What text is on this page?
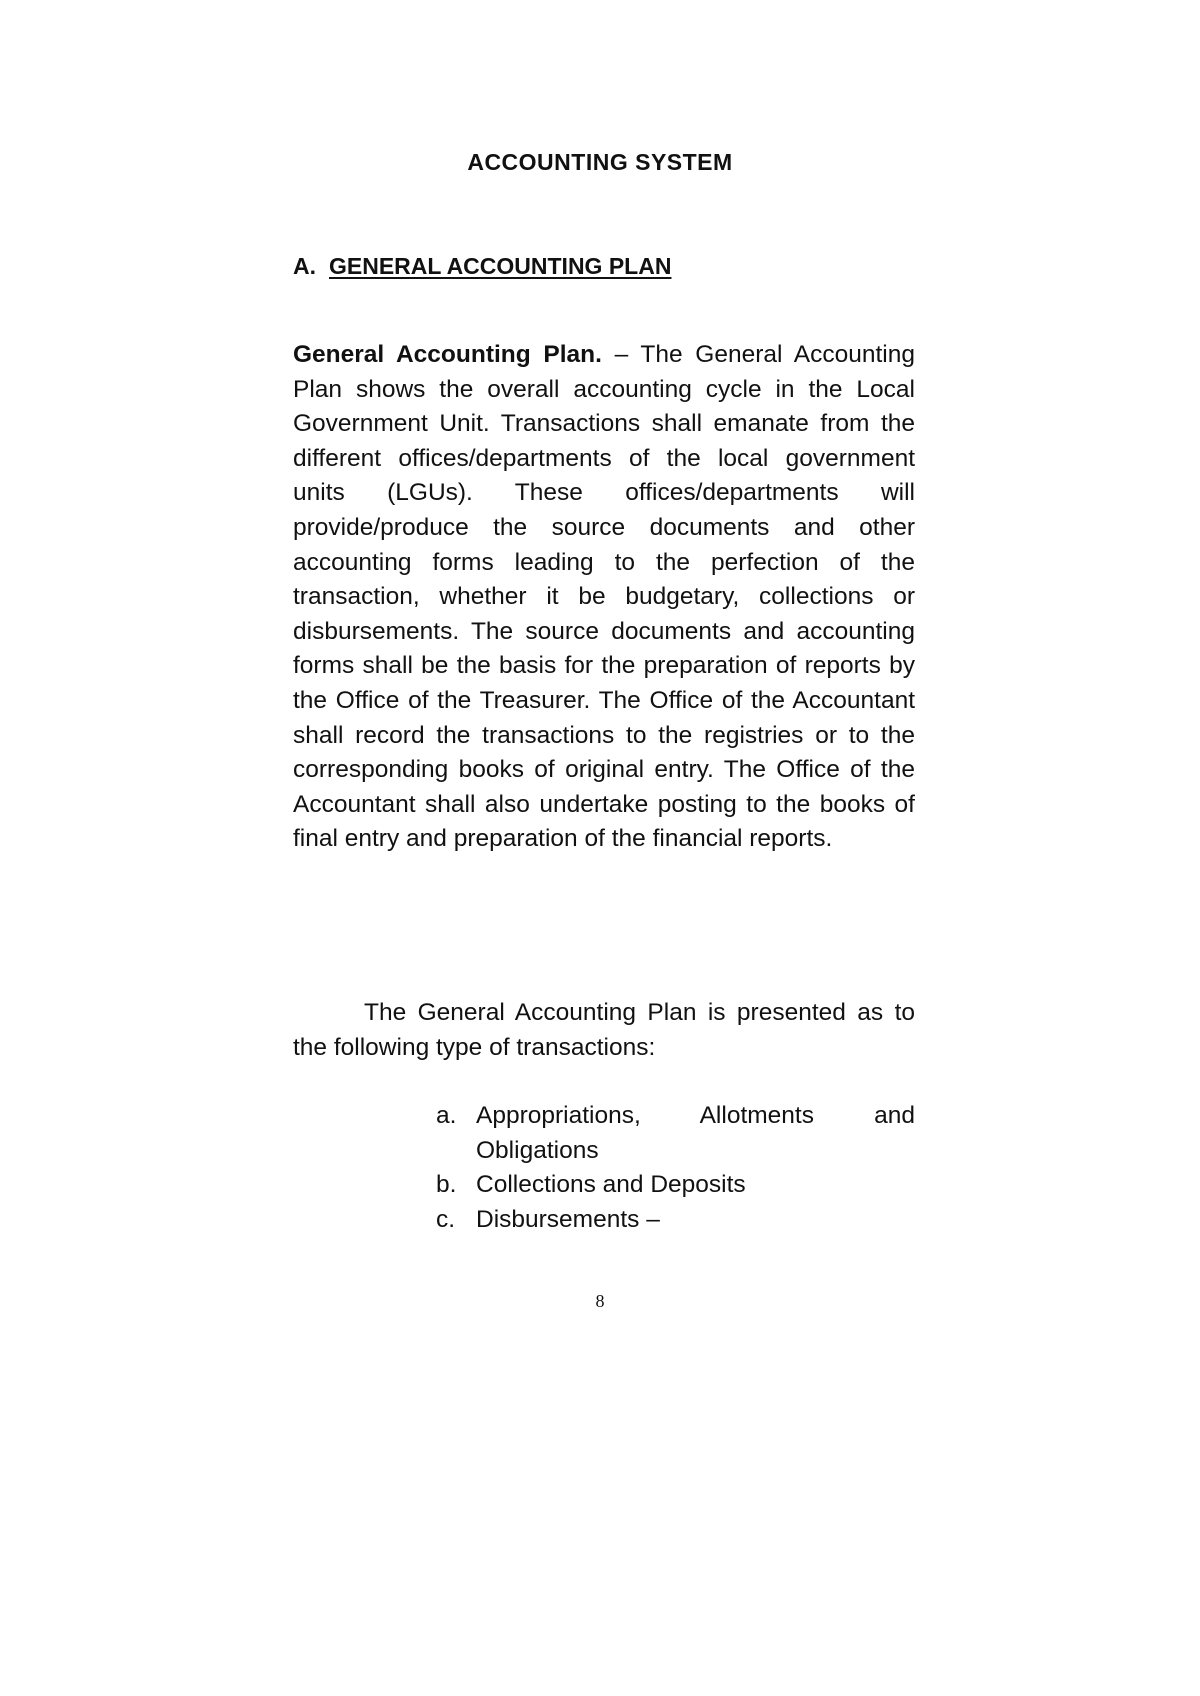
ACCOUNTING SYSTEM
A. GENERAL ACCOUNTING PLAN

General Accounting Plan. – The General Accounting Plan shows the overall accounting cycle in the Local Government Unit. Transactions shall emanate from the different offices/departments of the local government units (LGUs). These offices/departments will provide/produce the source documents and other accounting forms leading to the perfection of the transaction, whether it be budgetary, collections or disbursements. The source documents and accounting forms shall be the basis for the preparation of reports by the Office of the Treasurer. The Office of the Accountant shall record the transactions to the registries or to the corresponding books of original entry. The Office of the Accountant shall also undertake posting to the books of final entry and preparation of the financial reports.

The General Accounting Plan is presented as to the following type of transactions:

a. Appropriations, Allotments and Obligations
b. Collections and Deposits
c. Disbursements –
8
